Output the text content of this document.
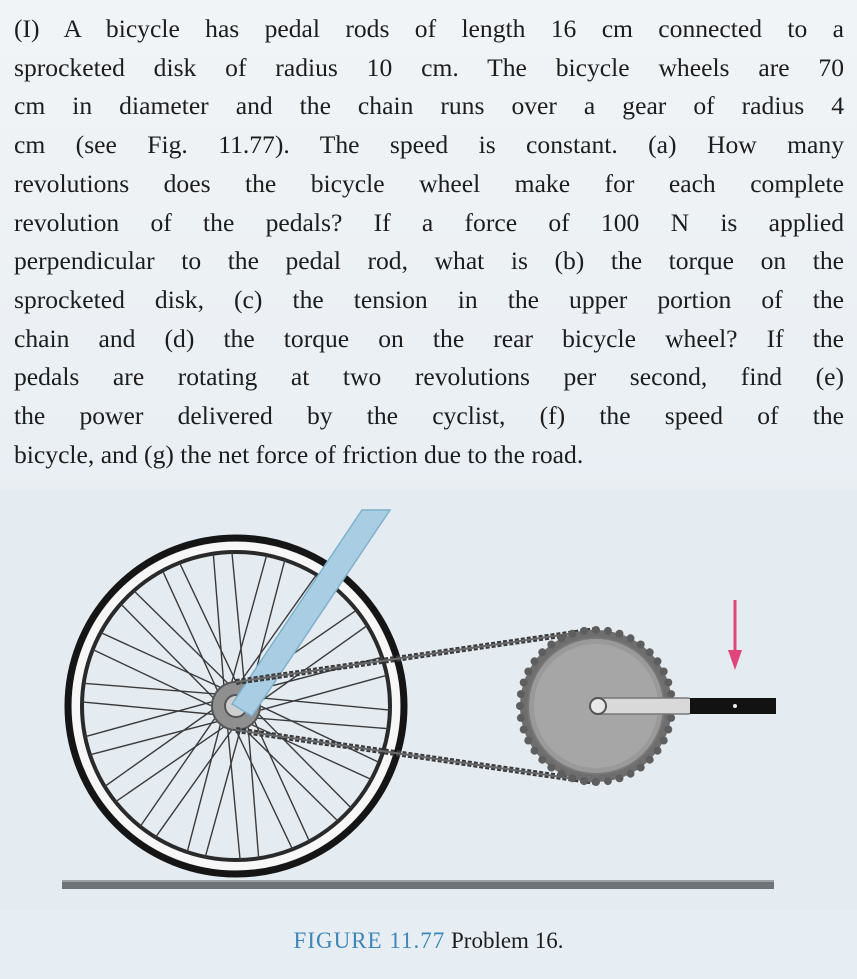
(I) A bicycle has pedal rods of length 16 cm connected to a
sprocketed disk of radius 10 cm. The bicycle wheels are 70
cm in diameter and the chain runs over a gear of radius 4
cm (see Fig. 11.77). The speed is constant. (a) How many
revolutions does the bicycle wheel make for each complete
revolution of the pedals? If a force of 100 N is applied
perpendicular to the pedal rod, what is (b) the torque on the
sprocketed disk, (c) the tension in the upper portion of the
chain and (d) the torque on the rear bicycle wheel? If the
pedals are rotating at two revolutions per second, find (e)
the power delivered by the cyclist, (f) the speed of the
bicycle, and (g) the net force of friction due to the road.
FIGURE 11.77 Problem 16.
